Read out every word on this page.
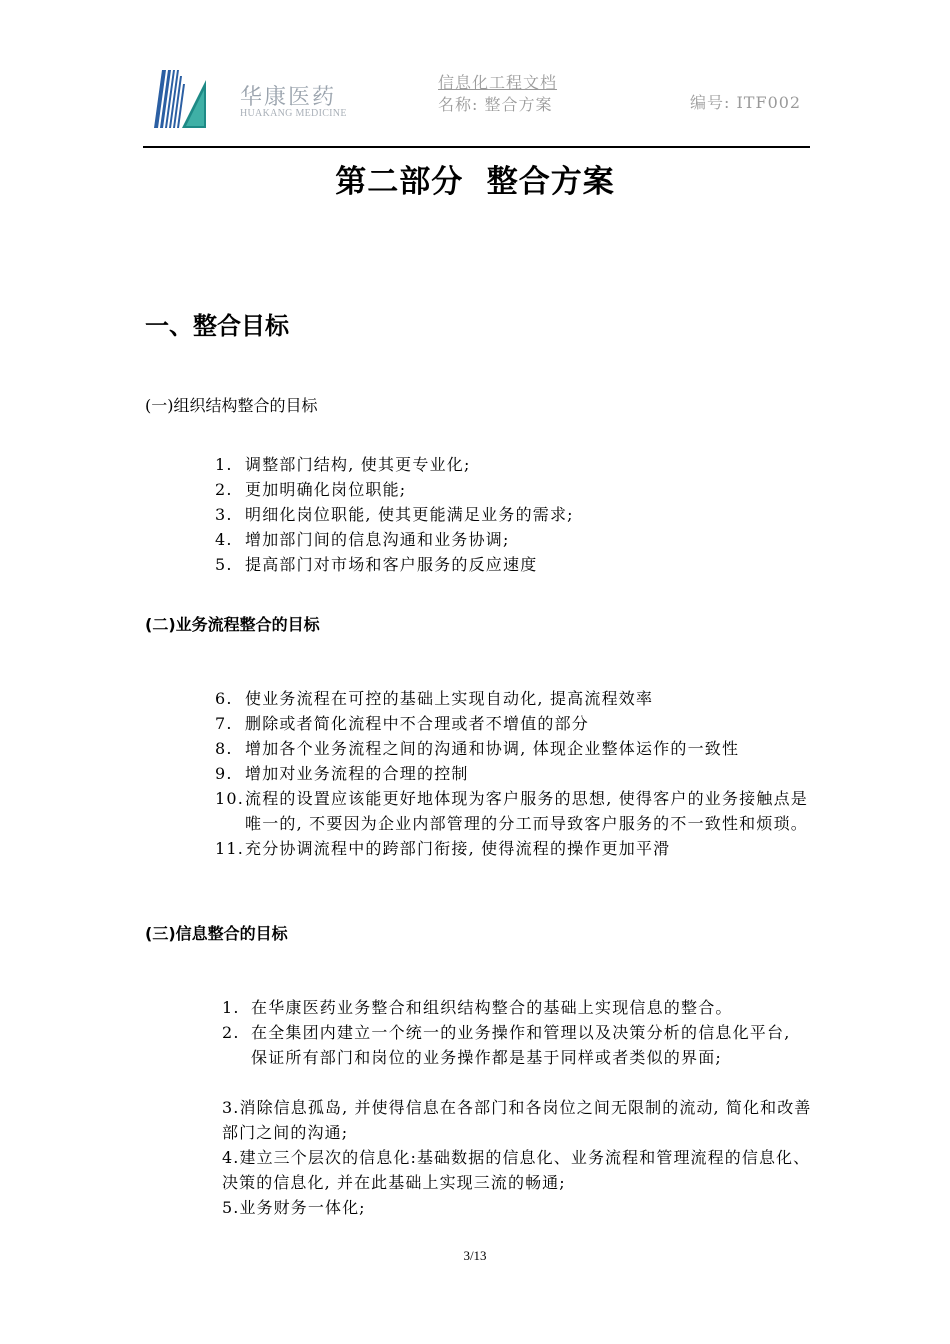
华康医药
HUAKANG MEDICINE
信息化工程文档
名称: 整合方案	编号: ITF002
第二部分  整合方案
一、整合目标
(一)组织结构整合的目标
1. 调整部门结构, 使其更专业化;
2. 更加明确化岗位职能;
3. 明细化岗位职能, 使其更能满足业务的需求;
4. 增加部门间的信息沟通和业务协调;
5. 提高部门对市场和客户服务的反应速度
(二)业务流程整合的目标
6. 使业务流程在可控的基础上实现自动化, 提高流程效率
7. 删除或者简化流程中不合理或者不增值的部分
8. 增加各个业务流程之间的沟通和协调, 体现企业整体运作的一致性
9. 增加对业务流程的合理的控制
10. 流程的设置应该能更好地体现为客户服务的思想, 使得客户的业务接触点是唯一的, 不要因为企业内部管理的分工而导致客户服务的不一致性和烦琐。
11. 充分协调流程中的跨部门衔接, 使得流程的操作更加平滑
(三)信息整合的目标
1. 在华康医药业务整合和组织结构整合的基础上实现信息的整合。
2. 在全集团内建立一个统一的业务操作和管理以及决策分析的信息化平台, 保证所有部门和岗位的业务操作都是基于同样或者类似的界面;
3.消除信息孤岛, 并使得信息在各部门和各岗位之间无限制的流动, 简化和改善部门之间的沟通;
4.建立三个层次的信息化:基础数据的信息化、业务流程和管理流程的信息化、决策的信息化, 并在此基础上实现三流的畅通;
5.业务财务一体化;
3/13
